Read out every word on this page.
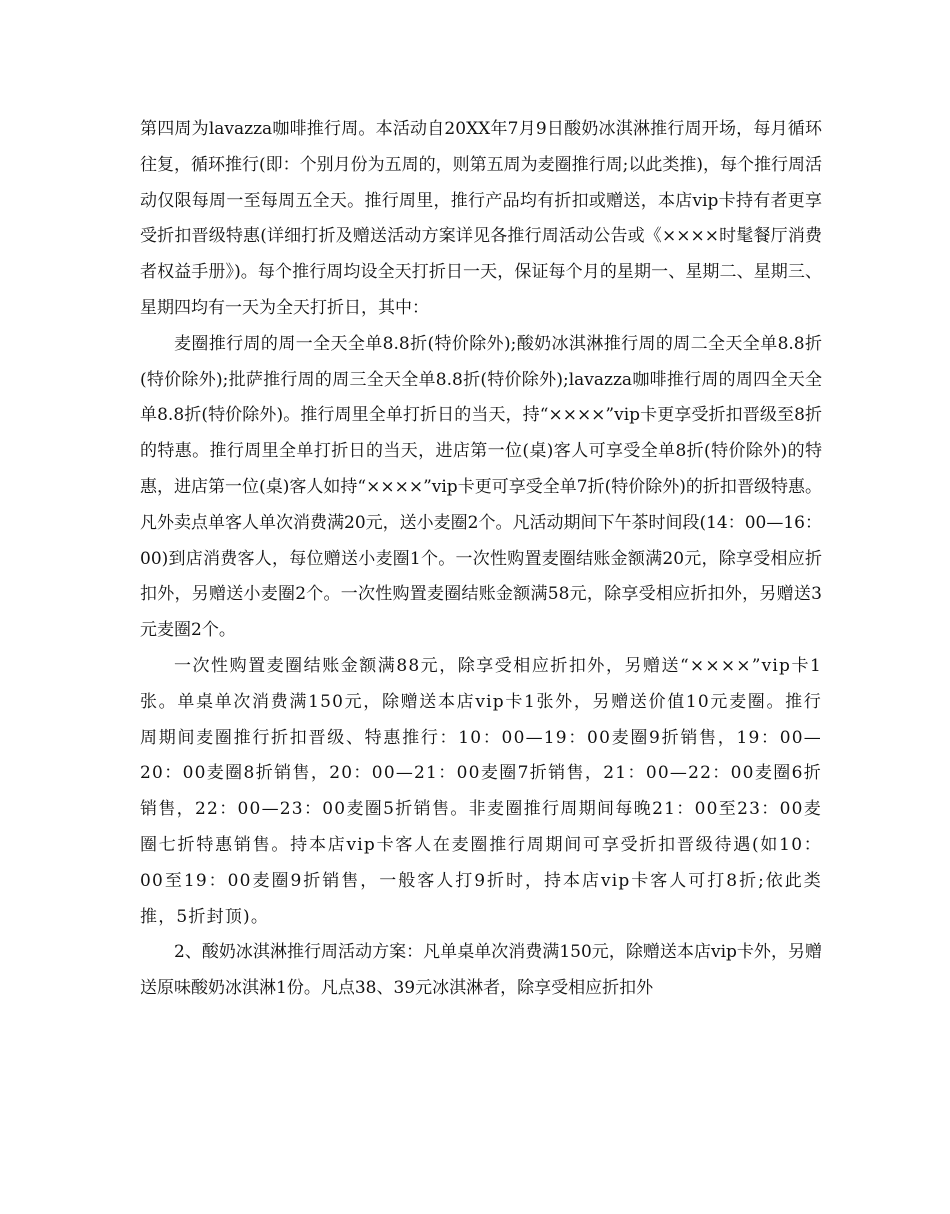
第四周为lavazza咖啡推行周。本活动自20XX年7月9日酸奶冰淇淋推行周开场，每月循环往复，循环推行(即：个别月份为五周的，则第五周为麦圈推行周;以此类推)，每个推行周活动仅限每周一至每周五全天。推行周里，推行产品均有折扣或赠送，本店vip卡持有者更享受折扣晋级特惠(详细打折及赠送活动方案详见各推行周活动公告或《××××时髦餐厅消费者权益手册》)。每个推行周均设全天打折日一天，保证每个月的星期一、星期二、星期三、星期四均有一天为全天打折日，其中：

麦圈推行周的周一全天全单8.8折(特价除外);酸奶冰淇淋推行周的周二全天全单8.8折(特价除外);批萨推行周的周三全天全单8.8折(特价除外);lavazza咖啡推行周的周四全天全单8.8折(特价除外)。推行周里全单打折日的当天，持“××××”vip卡更享受折扣晋级至8折的特惠。推行周里全单打折日的当天，进店第一位(桌)客人可享受全单8折(特价除外)的特惠，进店第一位(桌)客人如持“××××”vip卡更可享受全单7折(特价除外)的折扣晋级特惠。凡外卖点单客人单次消费满20元，送小麦圈2个。凡活动期间下午茶时间段(14：00—16：00)到店消费客人，每位赠送小麦圈1个。一次性购置麦圈结账金额满20元，除享受相应折扣外，另赠送小麦圈2个。一次性购置麦圈结账金额满58元，除享受相应折扣外，另赠送3元麦圈2个。

一次性购置麦圈结账金额满88元，除享受相应折扣外，另赠送“××××”vip卡1张。单桌单次消费满150元，除赠送本店vip卡1张外，另赠送价值10元麦圈。推行周期间麦圈推行折扣晋级、特惠推行：10：00—19：00麦圈9折销售，19：00—20：00麦圈8折销售，20：00—21：00麦圈7折销售，21：00—22：00麦圈6折销售，22：00—23：00麦圈5折销售。非麦圈推行周期间每晚21：00至23：00麦圈七折特惠销售。持本店vip卡客人在麦圈推行周期间可享受折扣晋级待遇(如10：00至19：00麦圈9折销售，一般客人打9折时，持本店vip卡客人可打8折;依此类推，5折封顶)。

2、酸奶冰淇淋推行周活动方案：凡单桌单次消费满150元，除赠送本店vip卡外，另赠送原味酸奶冰淇淋1份。凡点38、39元冰淇淋者，除享受相应折扣外
